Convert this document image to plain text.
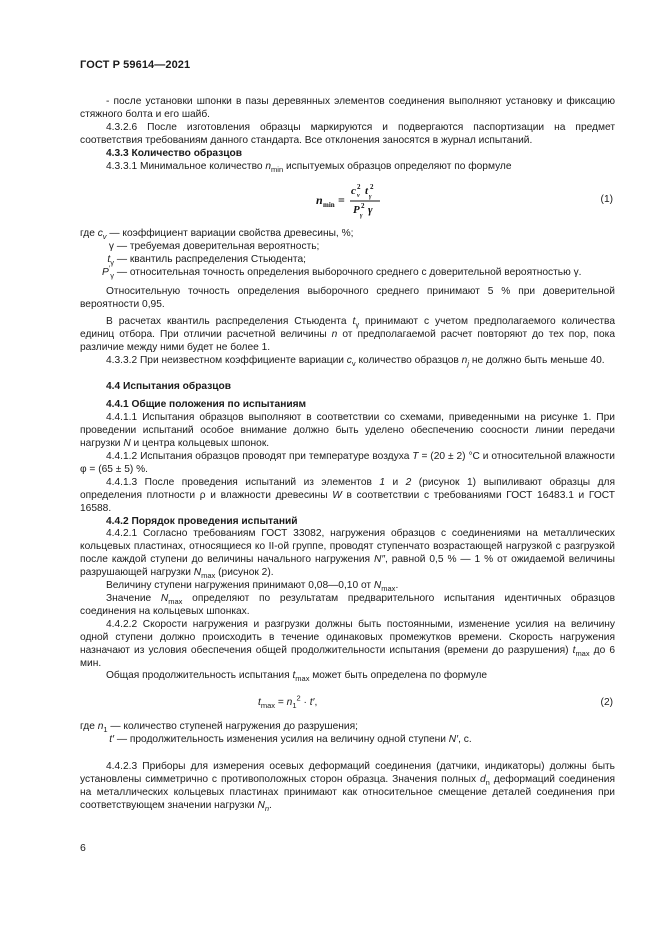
ГОСТ Р 59614—2021

- после установки шпонки в пазы деревянных элементов соединения выполняют установку и фиксацию стяжного болта и его шайб.

4.3.2.6 После изготовления образцы маркируются и подвергаются паспортизации на предмет соответствия требованиям данного стандарта. Все отклонения заносятся в журнал испытаний.

4.3.3 Количество образцов

4.3.3.1 Минимальное количество $n_{min}$ испытуемых образцов определяют по формуле

n min =
c 2
v t 2
γ
P 2
γ γ
(1)

где $c_v$ — коэффициент вариации свойства древесины, %;

γ — требуемая доверительная вероятность;

$t_\gamma$ — квантиль распределения Стьюдента;

$P'_\gamma$ — относительная точность определения выборочного среднего с доверительной вероятностью γ.

Относительную точность определения выборочного среднего принимают 5 % при доверительной вероятности 0,95.

В расчетах квантиль распределения Стьюдента $t_\gamma$ принимают с учетом предполагаемого количества единиц отбора. При отличии расчетной величины n от предполагаемой расчет повторяют до тех пор, пока различие между ними будет не более 1.

4.3.3.2 При неизвестном коэффициенте вариации $c_v$ количество образцов $n_j$ не должно быть меньше 40.

4.4 Испытания образцов

4.4.1 Общие положения по испытаниям

4.4.1.1 Испытания образцов выполняют в соответствии со схемами, приведенными на рисунке 1. При проведении испытаний особое внимание должно быть уделено обеспечению соосности линии передачи нагрузки N и центра кольцевых шпонок.

4.4.1.2 Испытания образцов проводят при температуре воздуха T = (20 ± 2) °С и относительной влажности φ = (65 ± 5) %.

4.4.1.3 После проведения испытаний из элементов 1 и 2 (рисунок 1) выпиливают образцы для определения плотности ρ и влажности древесины W в соответствии с требованиями ГОСТ 16483.1 и ГОСТ 16588.

4.4.2 Порядок проведения испытаний

4.4.2.1 Согласно требованиям ГОСТ 33082, нагружения образцов с соединениями на металлических кольцевых пластинах, относящиеся ко II-ой группе, проводят ступенчато возрастающей нагрузкой с разгрузкой после каждой ступени до величины начального нагружения N″, равной 0,5 % — 1 % от ожидаемой величины разрушающей нагрузки $N_{max}$ (рисунок 2).

Величину ступени нагружения принимают 0,08—0,10 от $N_{max}$.

Значение $N_{max}$ определяют по результатам предварительного испытания идентичных образцов соединения на кольцевых шпонках.

4.4.2.2 Скорости нагружения и разгрузки должны быть постоянными, изменение усилия на величину одной ступени должно происходить в течение одинаковых промежутков времени. Скорость нагружения назначают из условия обеспечения общей продолжительности испытания (времени до разрушения) $t_{max}$ до 6 мин.

Общая продолжительность испытания $t_{max}$ может быть определена по формуле

$t_{max} = n_1^2 \cdot t'$,	(2)

где $n_1$ — количество ступеней нагружения до разрушения;

t′ — продолжительность изменения усилия на величину одной ступени N′, с.

4.4.2.3 Приборы для измерения осевых деформаций соединения (датчики, индикаторы) должны быть установлены симметрично с противоположных сторон образца. Значения полных $d_n$ деформаций соединения на металлических кольцевых пластинах принимают как относительное смещение деталей соединения при соответствующем значении нагрузки $N_n$.

6
